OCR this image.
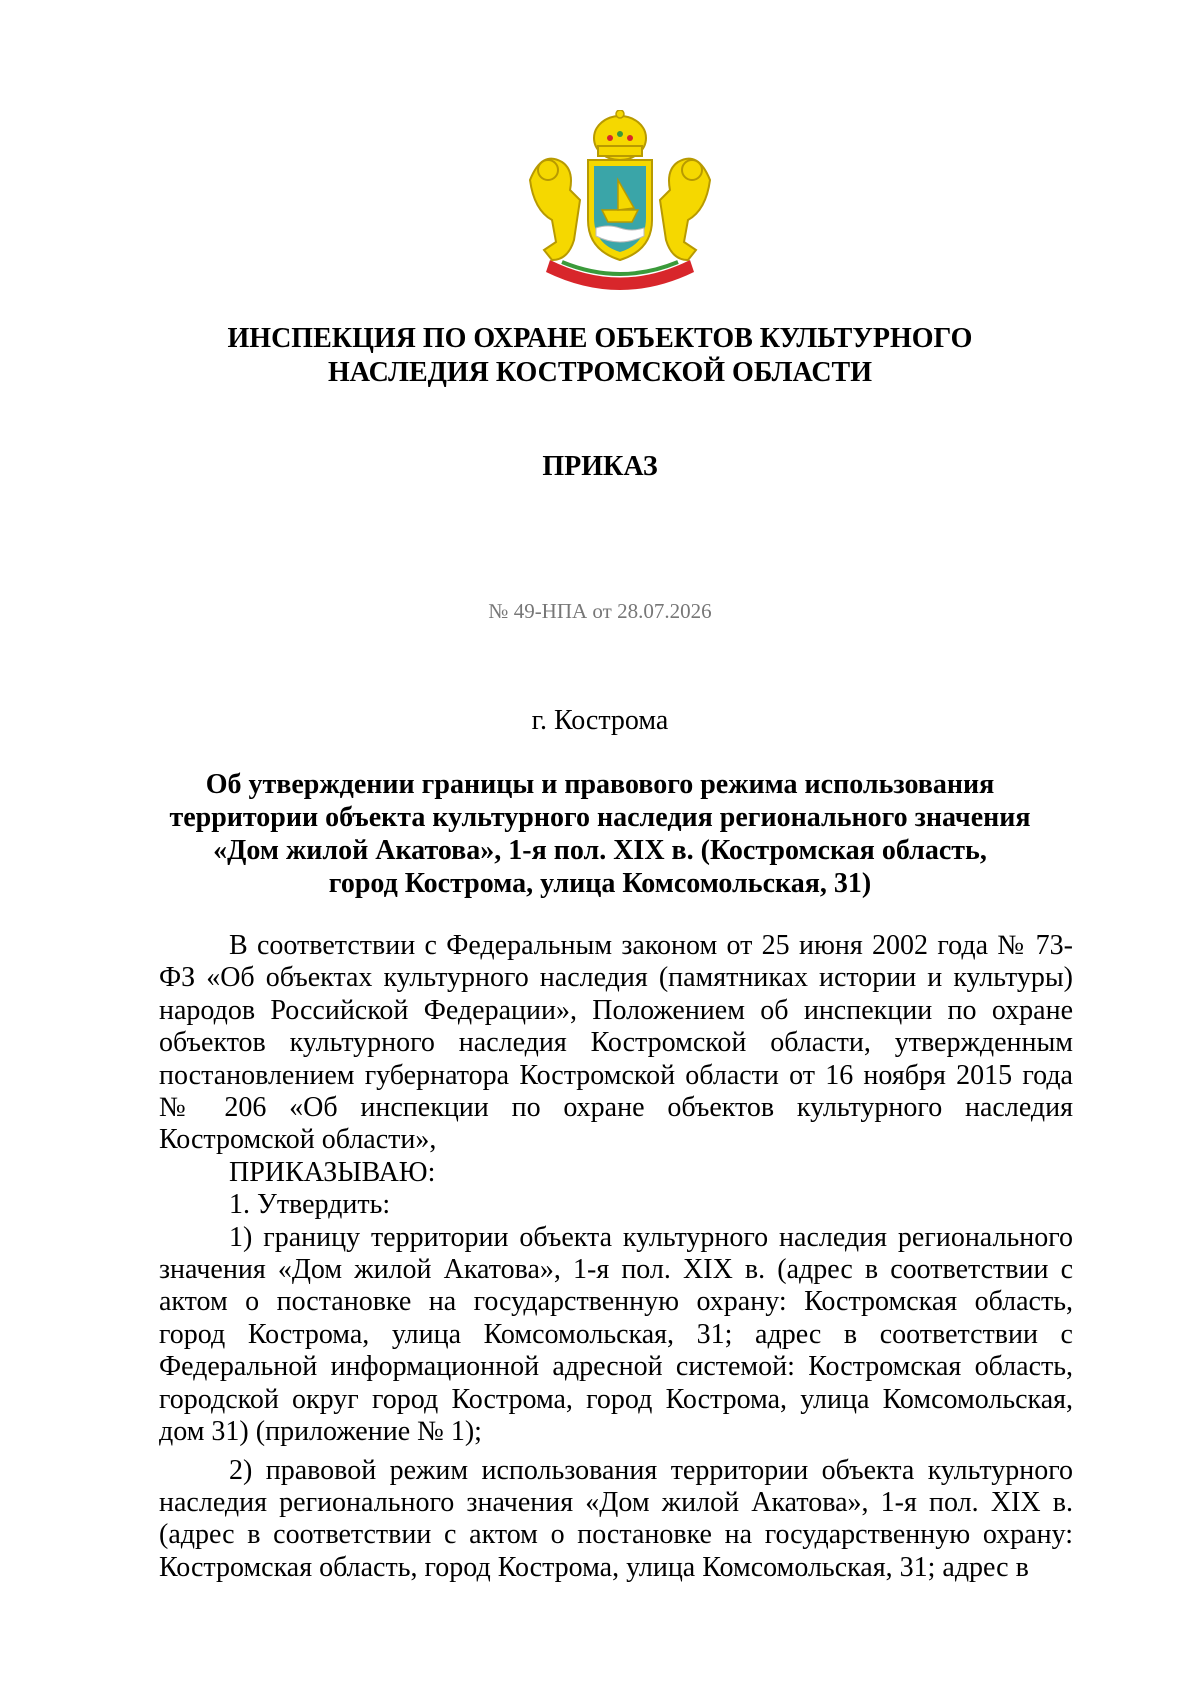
ИНСПЕКЦИЯ ПО ОХРАНЕ ОБЪЕКТОВ КУЛЬТУРНОГО
НАСЛЕДИЯ КОСТРОМСКОЙ ОБЛАСТИ
ПРИКАЗ
№ 49-НПА от 28.07.2026
г. Кострома
Об утверждении границы и правового режима использования
территории объекта культурного наследия регионального значения
«Дом жилой Акатова», 1-я пол. XIX в. (Костромская область,
город Кострома, улица Комсомольская, 31)

В соответствии с Федеральным законом от 25 июня 2002 года № 73-ФЗ «Об объектах культурного наследия (памятниках истории и культуры) народов Российской Федерации», Положением об инспекции по охране объектов культурного наследия Костромской области, утвержденным постановлением губернатора Костромской области от 16 ноября 2015 года № 206 «Об инспекции по охране объектов культурного наследия Костромской области»,

ПРИКАЗЫВАЮ:

1. Утвердить:

1) границу территории объекта культурного наследия регионального значения «Дом жилой Акатова», 1-я пол. XIX в. (адрес в соответствии с актом о постановке на государственную охрану: Костромская область, город Кострома, улица Комсомольская, 31; адрес в соответствии с Федеральной информационной адресной системой: Костромская область, городской округ город Кострома, город Кострома, улица Комсомольская, дом 31) (приложение № 1);

2) правовой режим использования территории объекта культурного наследия регионального значения «Дом жилой Акатова», 1-я пол. XIX в. (адрес в соответствии с актом о постановке на государственную охрану: Костромская область, город Кострома, улица Комсомольская, 31; адрес в
